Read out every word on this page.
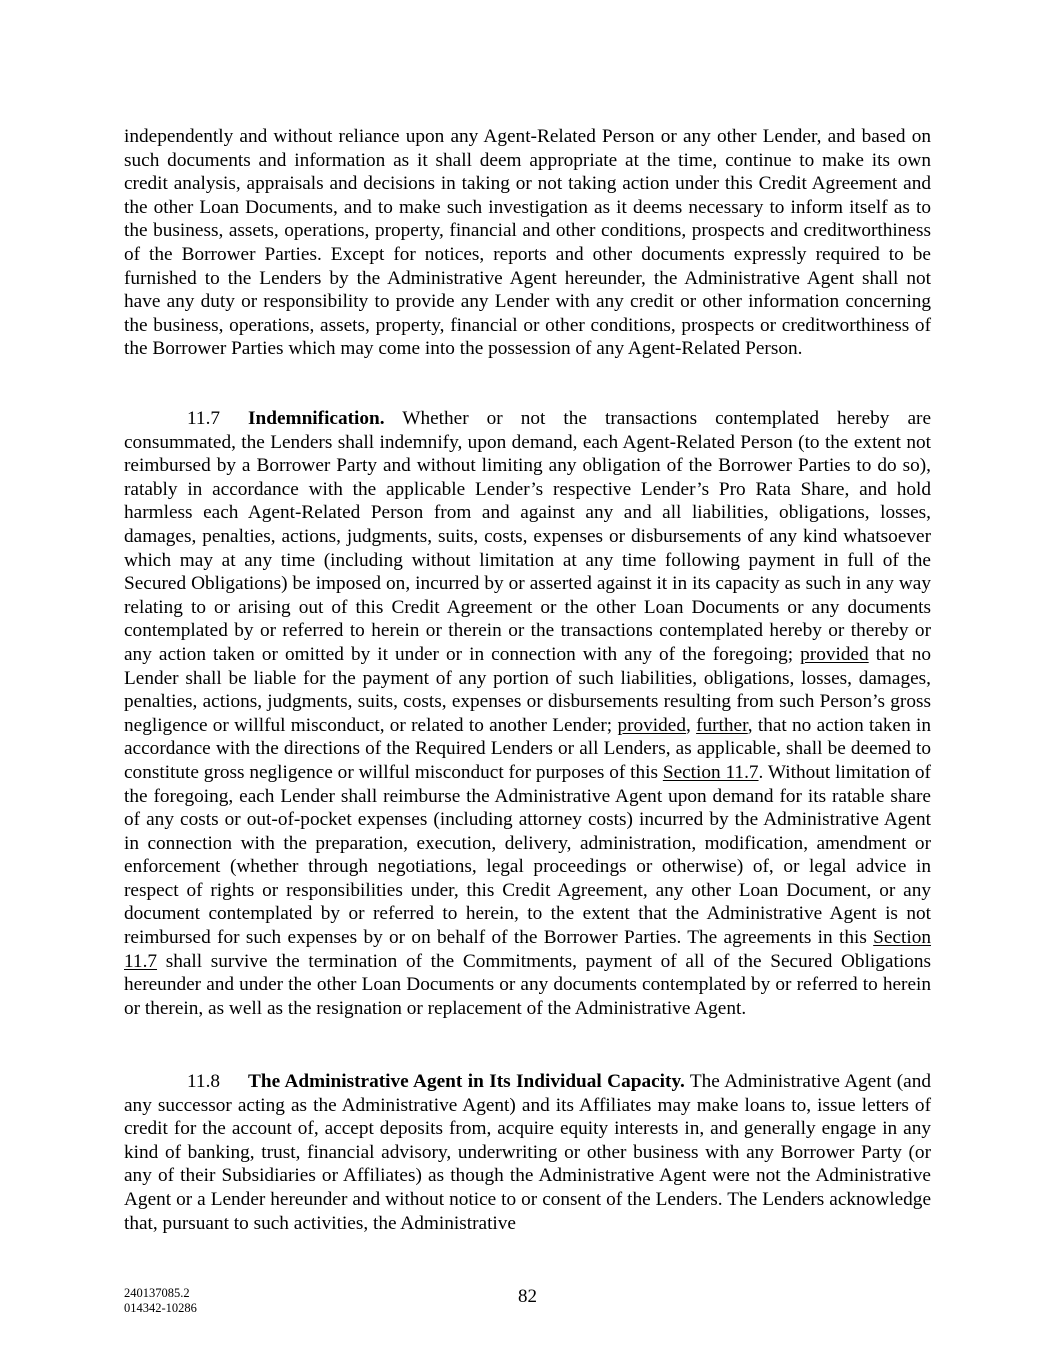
independently and without reliance upon any Agent-Related Person or any other Lender, and based on such documents and information as it shall deem appropriate at the time, continue to make its own credit analysis, appraisals and decisions in taking or not taking action under this Credit Agreement and the other Loan Documents, and to make such investigation as it deems necessary to inform itself as to the business, assets, operations, property, financial and other conditions, prospects and creditworthiness of the Borrower Parties. Except for notices, reports and other documents expressly required to be furnished to the Lenders by the Administrative Agent hereunder, the Administrative Agent shall not have any duty or responsibility to provide any Lender with any credit or other information concerning the business, operations, assets, property, financial or other conditions, prospects or creditworthiness of the Borrower Parties which may come into the possession of any Agent-Related Person.

11.7 Indemnification. Whether or not the transactions contemplated hereby are consummated, the Lenders shall indemnify, upon demand, each Agent-Related Person (to the extent not reimbursed by a Borrower Party and without limiting any obligation of the Borrower Parties to do so), ratably in accordance with the applicable Lender’s respective Lender’s Pro Rata Share, and hold harmless each Agent-Related Person from and against any and all liabilities, obligations, losses, damages, penalties, actions, judgments, suits, costs, expenses or disbursements of any kind whatsoever which may at any time (including without limitation at any time following payment in full of the Secured Obligations) be imposed on, incurred by or asserted against it in its capacity as such in any way relating to or arising out of this Credit Agreement or the other Loan Documents or any documents contemplated by or referred to herein or therein or the transactions contemplated hereby or thereby or any action taken or omitted by it under or in connection with any of the foregoing; provided that no Lender shall be liable for the payment of any portion of such liabilities, obligations, losses, damages, penalties, actions, judgments, suits, costs, expenses or disbursements resulting from such Person’s gross negligence or willful misconduct, or related to another Lender; provided, further, that no action taken in accordance with the directions of the Required Lenders or all Lenders, as applicable, shall be deemed to constitute gross negligence or willful misconduct for purposes of this Section 11.7. Without limitation of the foregoing, each Lender shall reimburse the Administrative Agent upon demand for its ratable share of any costs or out-of-pocket expenses (including attorney costs) incurred by the Administrative Agent in connection with the preparation, execution, delivery, administration, modification, amendment or enforcement (whether through negotiations, legal proceedings or otherwise) of, or legal advice in respect of rights or responsibilities under, this Credit Agreement, any other Loan Document, or any document contemplated by or referred to herein, to the extent that the Administrative Agent is not reimbursed for such expenses by or on behalf of the Borrower Parties. The agreements in this Section 11.7 shall survive the termination of the Commitments, payment of all of the Secured Obligations hereunder and under the other Loan Documents or any documents contemplated by or referred to herein or therein, as well as the resignation or replacement of the Administrative Agent.

11.8 The Administrative Agent in Its Individual Capacity. The Administrative Agent (and any successor acting as the Administrative Agent) and its Affiliates may make loans to, issue letters of credit for the account of, accept deposits from, acquire equity interests in, and generally engage in any kind of banking, trust, financial advisory, underwriting or other business with any Borrower Party (or any of their Subsidiaries or Affiliates) as though the Administrative Agent were not the Administrative Agent or a Lender hereunder and without notice to or consent of the Lenders. The Lenders acknowledge that, pursuant to such activities, the Administrative

240137085.2
014342-10286
82
